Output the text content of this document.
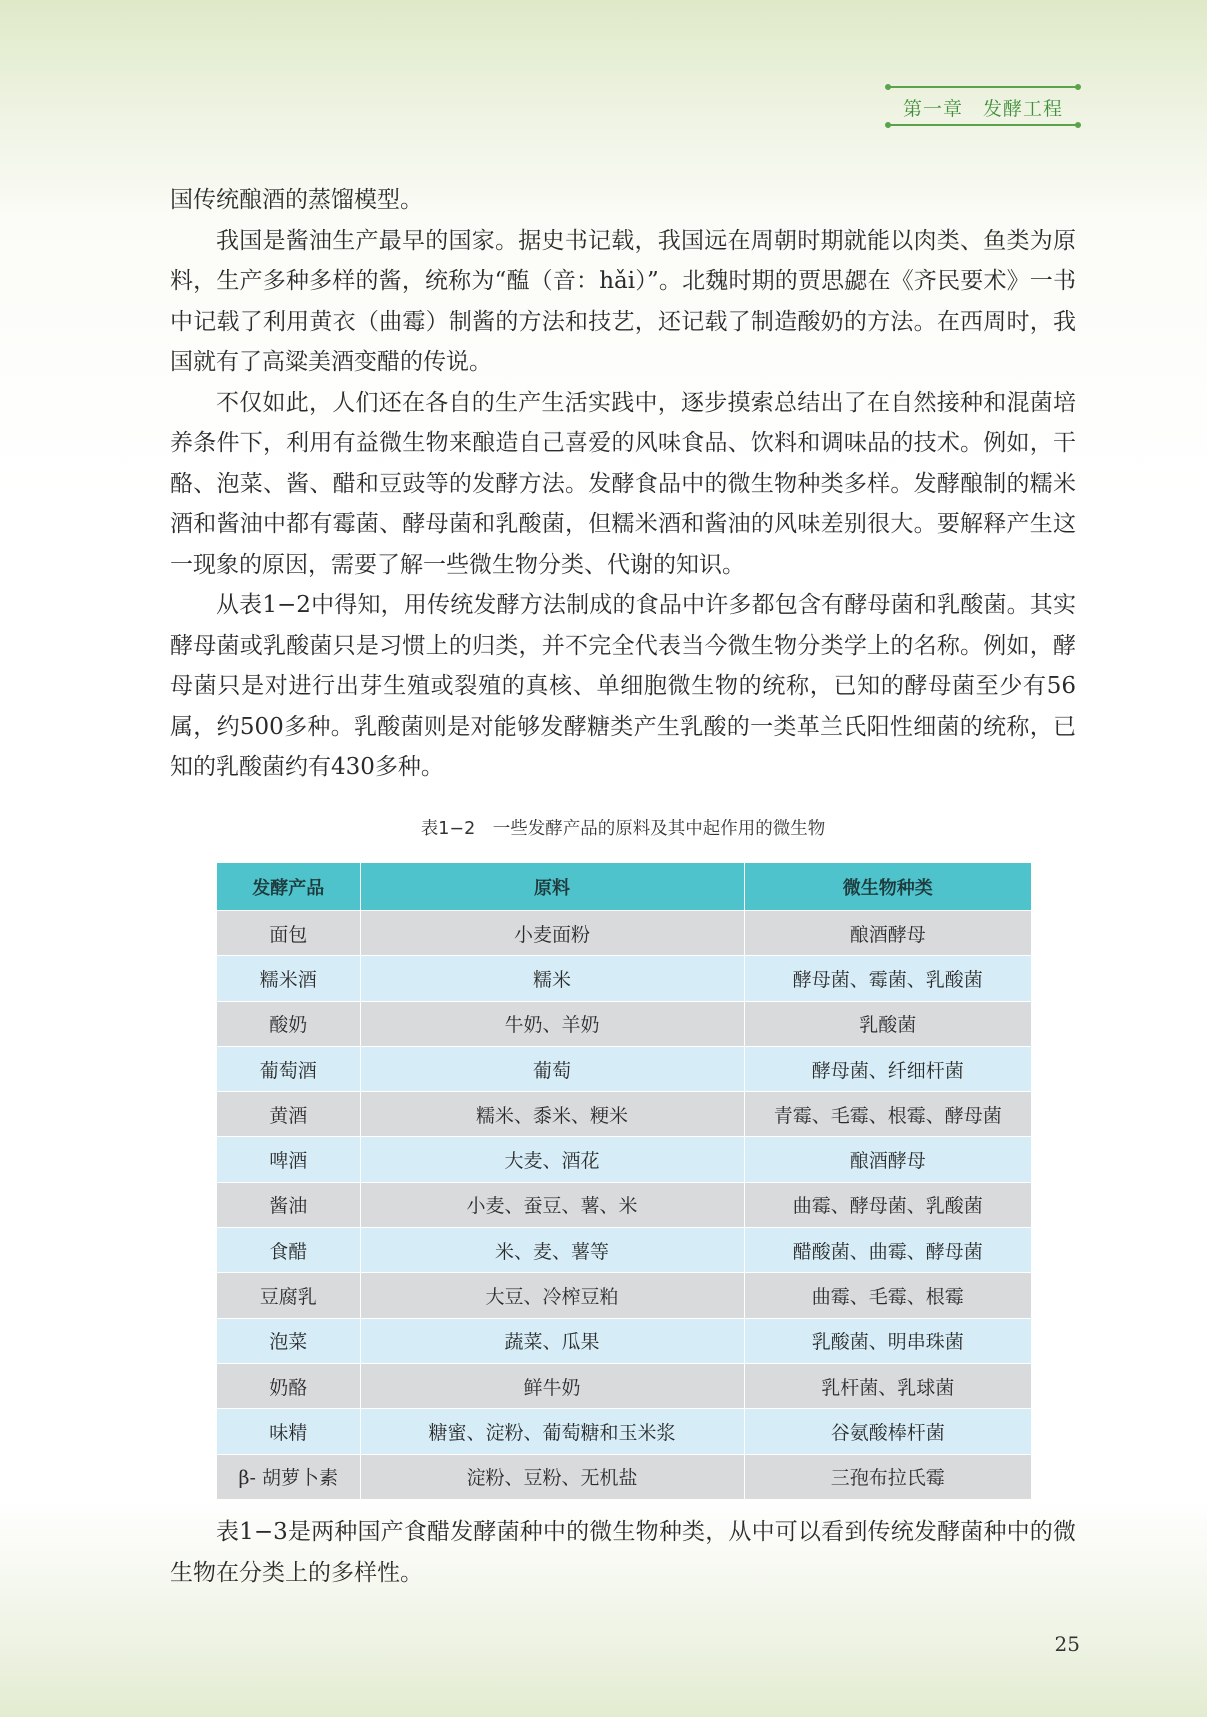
第一章　发酵工程

国传统酿酒的蒸馏模型。

我国是酱油生产最早的国家。据史书记载，我国远在周朝时期就能以肉类、鱼类为原料，生产多种多样的酱，统称为“醢（音：hǎi）”。北魏时期的贾思勰在《齐民要术》一书中记载了利用黄衣（曲霉）制酱的方法和技艺，还记载了制造酸奶的方法。在西周时，我国就有了高粱美酒变醋的传说。

不仅如此，人们还在各自的生产生活实践中，逐步摸索总结出了在自然接种和混菌培养条件下，利用有益微生物来酿造自己喜爱的风味食品、饮料和调味品的技术。例如，干酪、泡菜、酱、醋和豆豉等的发酵方法。发酵食品中的微生物种类多样。发酵酿制的糯米酒和酱油中都有霉菌、酵母菌和乳酸菌，但糯米酒和酱油的风味差别很大。要解释产生这一现象的原因，需要了解一些微生物分类、代谢的知识。

从表1−2中得知，用传统发酵方法制成的食品中许多都包含有酵母菌和乳酸菌。其实酵母菌或乳酸菌只是习惯上的归类，并不完全代表当今微生物分类学上的名称。例如，酵母菌只是对进行出芽生殖或裂殖的真核、单细胞微生物的统称，已知的酵母菌至少有56属，约500多种。乳酸菌则是对能够发酵糖类产生乳酸的一类革兰氏阳性细菌的统称，已知的乳酸菌约有430多种。

表1−2　一些发酵产品的原料及其中起作用的微生物
发酵产品	原料	微生物种类
面包	小麦面粉	酿酒酵母
糯米酒	糯米	酵母菌、霉菌、乳酸菌
酸奶	牛奶、羊奶	乳酸菌
葡萄酒	葡萄	酵母菌、纤细杆菌
黄酒	糯米、黍米、粳米	青霉、毛霉、根霉、酵母菌
啤酒	大麦、酒花	酿酒酵母
酱油	小麦、蚕豆、薯、米	曲霉、酵母菌、乳酸菌
食醋	米、麦、薯等	醋酸菌、曲霉、酵母菌
豆腐乳	大豆、冷榨豆粕	曲霉、毛霉、根霉
泡菜	蔬菜、瓜果	乳酸菌、明串珠菌
奶酪	鲜牛奶	乳杆菌、乳球菌
味精	糖蜜、淀粉、葡萄糖和玉米浆	谷氨酸棒杆菌
β- 胡萝卜素	淀粉、豆粉、无机盐	三孢布拉氏霉

表1−3是两种国产食醋发酵菌种中的微生物种类，从中可以看到传统发酵菌种中的微生物在分类上的多样性。

25
